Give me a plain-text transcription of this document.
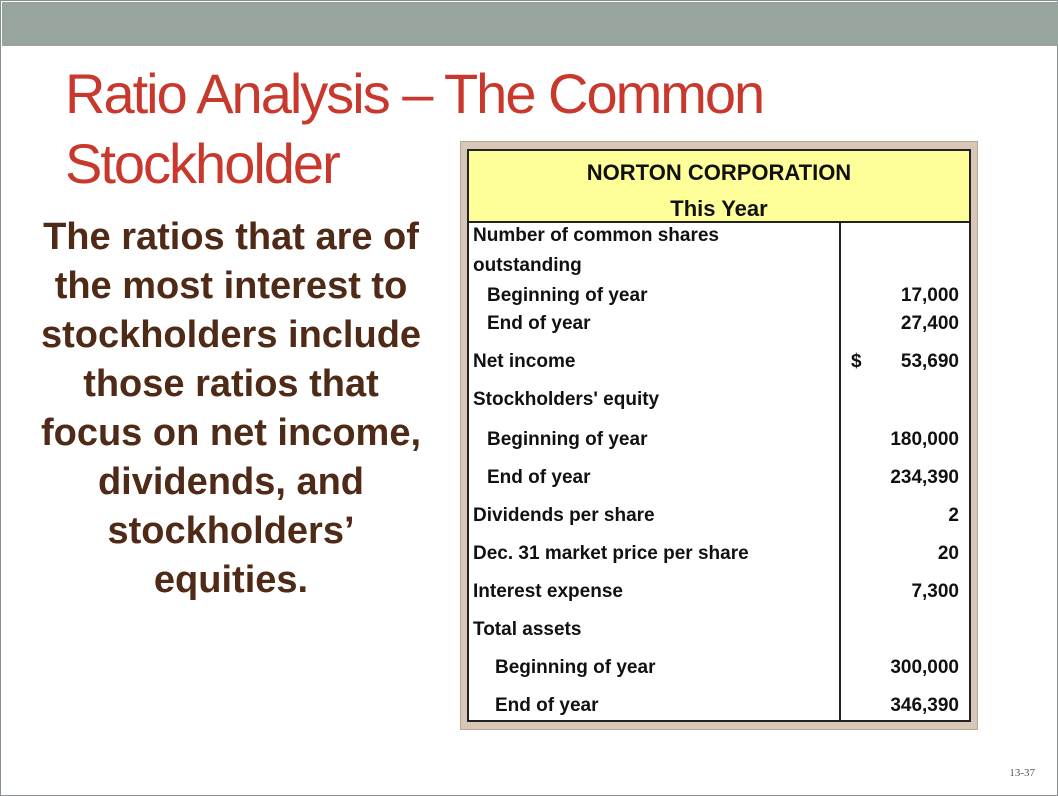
Ratio Analysis – The Common
Stockholder
The ratios that are of the most interest to stockholders include those ratios that focus on net income, dividends, and stockholders’ equities.
NORTON CORPORATION
This Year
Number of common shares
outstanding
Beginning of year	17,000
End of year	27,400
Net income	$ 53,690
Stockholders' equity
Beginning of year	180,000
End of year	234,390
Dividends per share	2
Dec. 31 market price per share	20
Interest expense	7,300
Total assets
Beginning of year	300,000
End of year	346,390
13-37
